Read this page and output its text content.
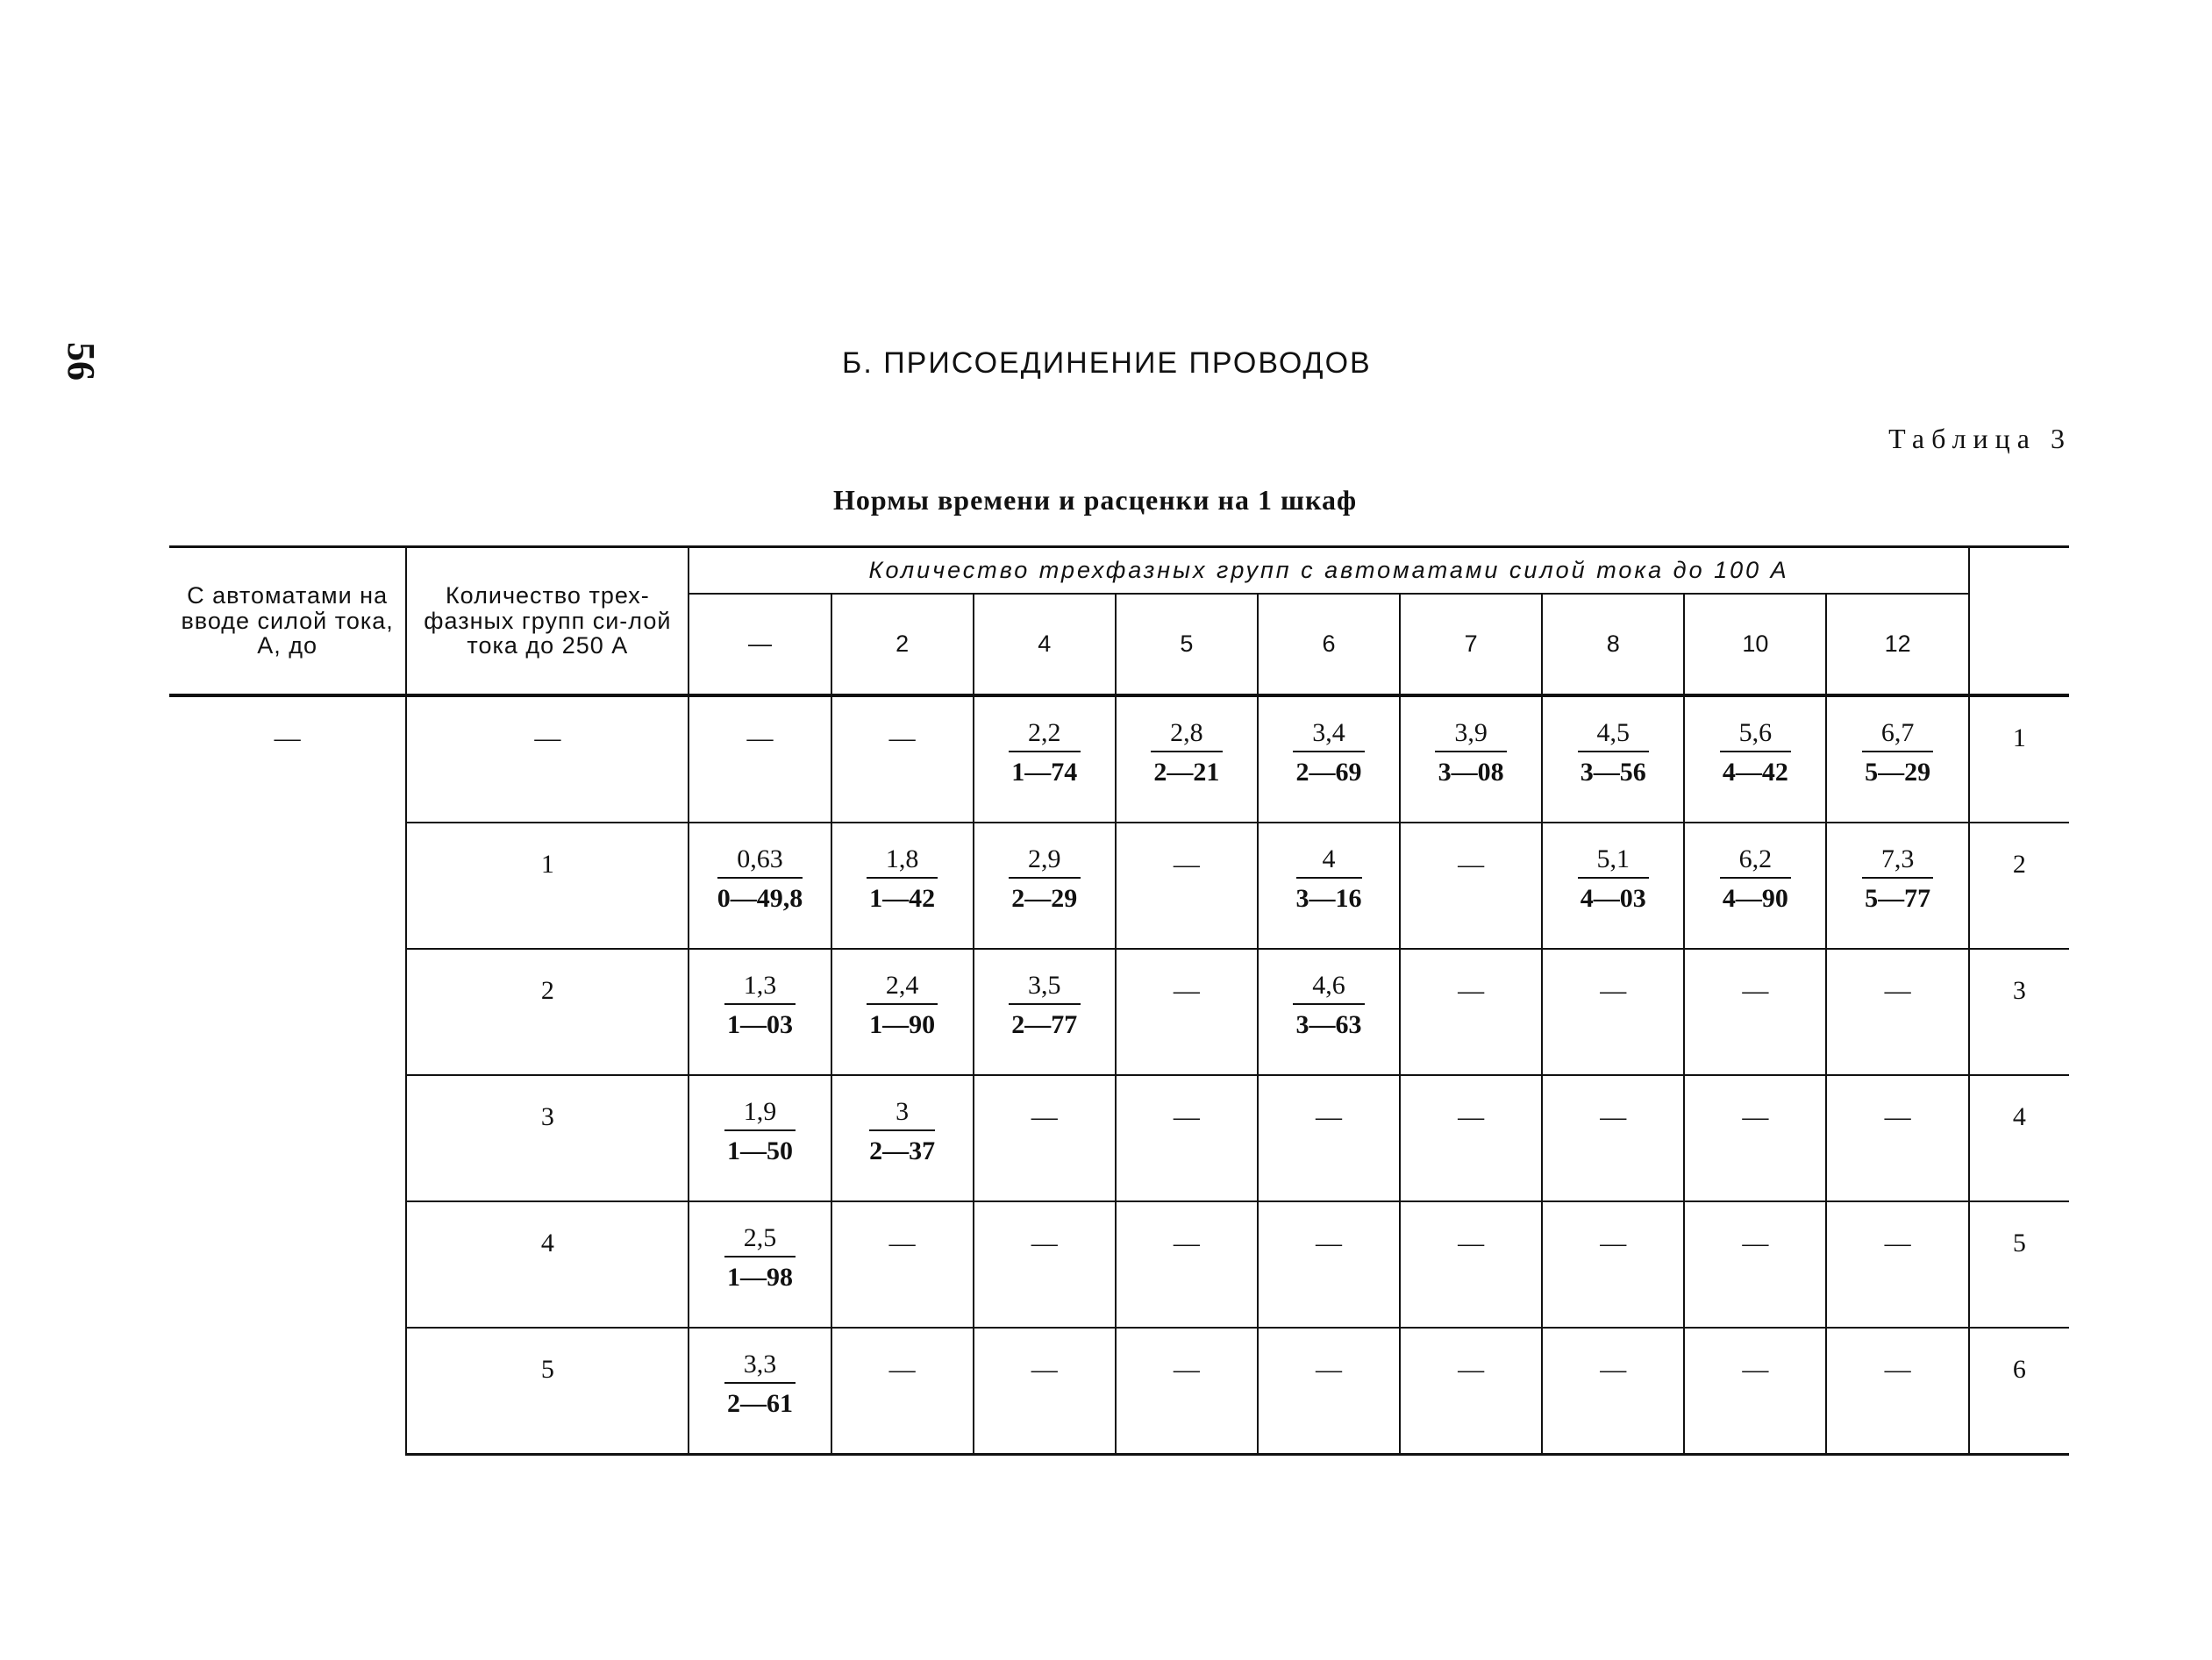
56	Б. ПРИСОЕДИНЕНИЕ ПРОВОДОВ
Таблица 3
Нормы времени и расценки на 1 шкаф
С автоматами на вводе силой тока, А, до	Количество трех-фазных групп си-лой тока до 250 А	Количество трехфазных групп с автоматами силой тока до 100 А									
		—	2	4	5	6	7	8	10	12	

—	—	—	—	$\frac{2,2}{1—74}$	$\frac{2,8}{2—21}$	$\frac{3,4}{2—69}$	$\frac{3,9}{3—08}$	$\frac{4,5}{3—56}$	$\frac{5,6}{4—42}$	$\frac{6,7}{5—29}$	1

	1	$\frac{0,63}{0—49,8}$	$\frac{1,8}{1—42}$	$\frac{2,9}{2—29}$	—	$\frac{4}{3—16}$	—	$\frac{5,1}{4—03}$	$\frac{6,2}{4—90}$	$\frac{7,3}{5—77}$	2

	2	$\frac{1,3}{1—03}$	$\frac{2,4}{1—90}$	$\frac{3,5}{2—77}$	—	$\frac{4,6}{3—63}$	—	—	—	—	3

	3	$\frac{1,9}{1—50}$	$\frac{3}{2—37}$	—	—	—	—	—	—	—	4

	4	$\frac{2,5}{1—98}$	—	—	—	—	—	—	—	—	5

	5	$\frac{3,3}{2—61}$	—	—	—	—	—	—	—	—	6
